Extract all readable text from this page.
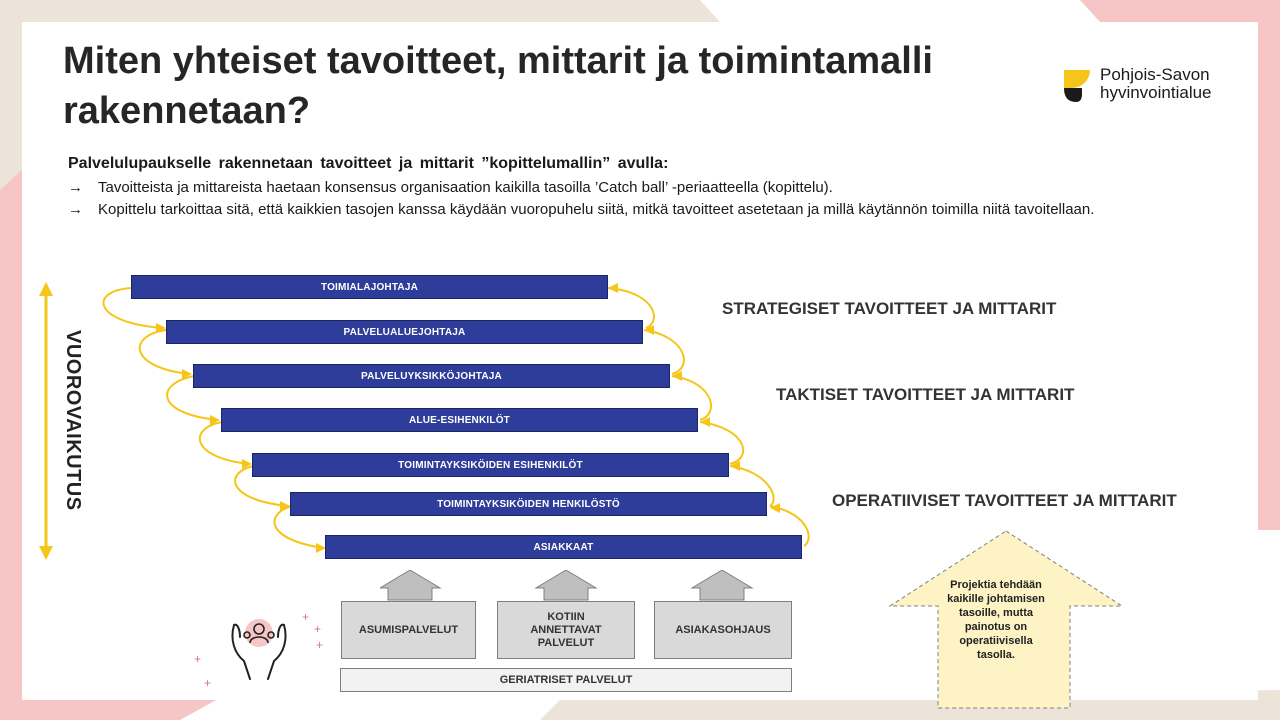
Miten yhteiset tavoitteet, mittarit ja toimintamalli rakennetaan?
Pohjois-Savon
hyvinvointialue
Palvelulupaukselle rakennetaan tavoitteet ja mittarit ”kopittelumallin” avulla:
→ Tavoitteista ja mittareista haetaan konsensus organisaation kaikilla tasoilla ’Catch ball’ -periaatteella (kopittelu).
→ Kopittelu tarkoittaa sitä, että kaikkien tasojen kanssa käydään vuoropuhelu siitä, mitkä tavoitteet asetetaan ja millä käytännön toimilla niitä tavoitellaan.
VUOROVAIKUTUS
TOIMIALAJOHTAJA
PALVELUALUEJOHTAJA
PALVELUYKSIKKÖJOHTAJA
ALUE-ESIHENKILÖT
TOIMINTAYKSIKÖIDEN ESIHENKILÖT
TOIMINTAYKSIKÖIDEN HENKILÖSTÖ
ASIAKKAAT
STRATEGISET TAVOITTEET JA MITTARIT
TAKTISET TAVOITTEET JA MITTARIT
OPERATIIVISET TAVOITTEET JA MITTARIT
ASUMISPALVELUT
KOTIIN ANNETTAVAT PALVELUT
ASIAKASOHJAUS
GERIATRISET PALVELUT
+
+
+
+
+
Projektia tehdään kaikille johtamisen tasoille, mutta painotus on operatiivisella tasolla.
